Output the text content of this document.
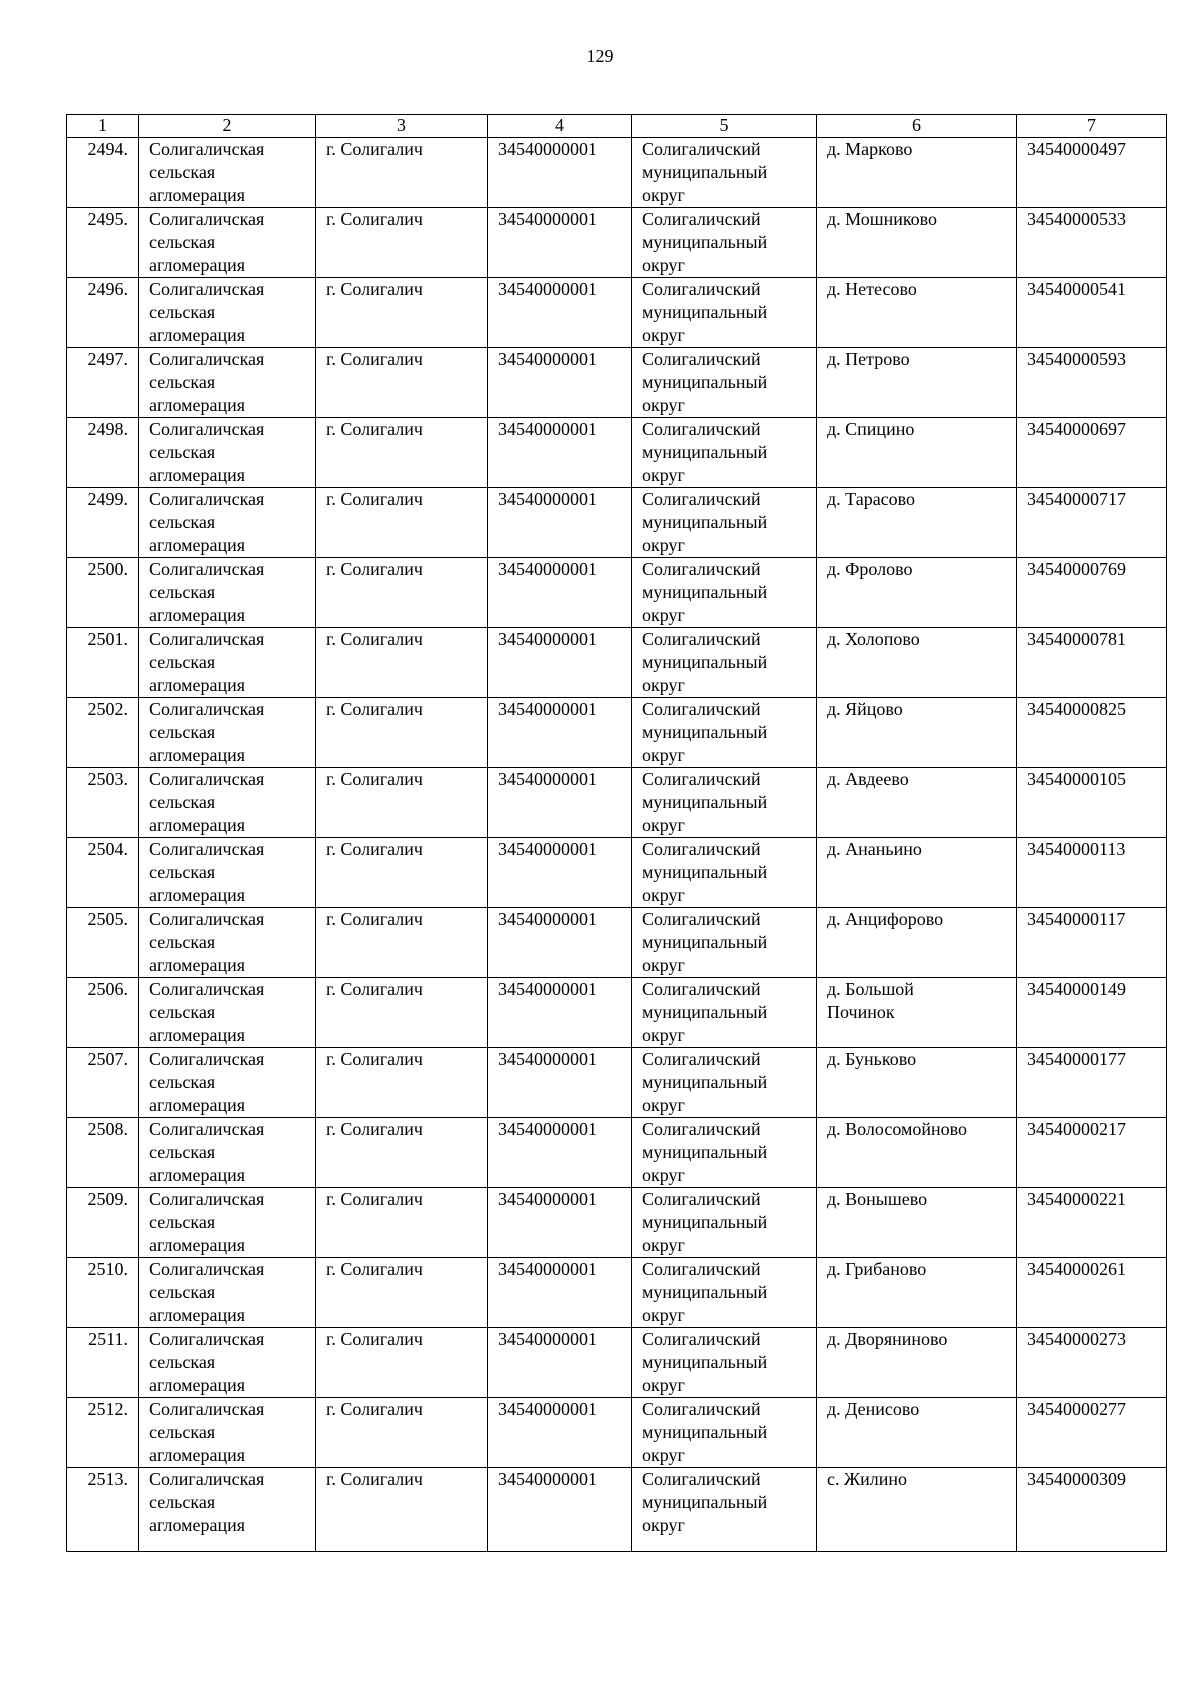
129
1	2	3	4	5	6	7
2494.	Солигаличская
сельская
агломерация	г. Солигалич	34540000001	Солигаличский
муниципальный
округ	д. Марково	34540000497
2495.	Солигаличская
сельская
агломерация	г. Солигалич	34540000001	Солигаличский
муниципальный
округ	д. Мошниково	34540000533
2496.	Солигаличская
сельская
агломерация	г. Солигалич	34540000001	Солигаличский
муниципальный
округ	д. Нетесово	34540000541
2497.	Солигаличская
сельская
агломерация	г. Солигалич	34540000001	Солигаличский
муниципальный
округ	д. Петрово	34540000593
2498.	Солигаличская
сельская
агломерация	г. Солигалич	34540000001	Солигаличский
муниципальный
округ	д. Спицино	34540000697
2499.	Солигаличская
сельская
агломерация	г. Солигалич	34540000001	Солигаличский
муниципальный
округ	д. Тарасово	34540000717
2500.	Солигаличская
сельская
агломерация	г. Солигалич	34540000001	Солигаличский
муниципальный
округ	д. Фролово	34540000769
2501.	Солигаличская
сельская
агломерация	г. Солигалич	34540000001	Солигаличский
муниципальный
округ	д. Холопово	34540000781
2502.	Солигаличская
сельская
агломерация	г. Солигалич	34540000001	Солигаличский
муниципальный
округ	д. Яйцово	34540000825
2503.	Солигаличская
сельская
агломерация	г. Солигалич	34540000001	Солигаличский
муниципальный
округ	д. Авдеево	34540000105
2504.	Солигаличская
сельская
агломерация	г. Солигалич	34540000001	Солигаличский
муниципальный
округ	д. Ананьино	34540000113
2505.	Солигаличская
сельская
агломерация	г. Солигалич	34540000001	Солигаличский
муниципальный
округ	д. Анцифорово	34540000117
2506.	Солигаличская
сельская
агломерация	г. Солигалич	34540000001	Солигаличский
муниципальный
округ	д. Большой
Починок	34540000149
2507.	Солигаличская
сельская
агломерация	г. Солигалич	34540000001	Солигаличский
муниципальный
округ	д. Буньково	34540000177
2508.	Солигаличская
сельская
агломерация	г. Солигалич	34540000001	Солигаличский
муниципальный
округ	д. Волосомойново	34540000217
2509.	Солигаличская
сельская
агломерация	г. Солигалич	34540000001	Солигаличский
муниципальный
округ	д. Вонышево	34540000221
2510.	Солигаличская
сельская
агломерация	г. Солигалич	34540000001	Солигаличский
муниципальный
округ	д. Грибаново	34540000261
2511.	Солигаличская
сельская
агломерация	г. Солигалич	34540000001	Солигаличский
муниципальный
округ	д. Дворяниново	34540000273
2512.	Солигаличская
сельская
агломерация	г. Солигалич	34540000001	Солигаличский
муниципальный
округ	д. Денисово	34540000277
2513.	Солигаличская
сельская
агломерация	г. Солигалич	34540000001	Солигаличский
муниципальный
округ	с. Жилино	34540000309
